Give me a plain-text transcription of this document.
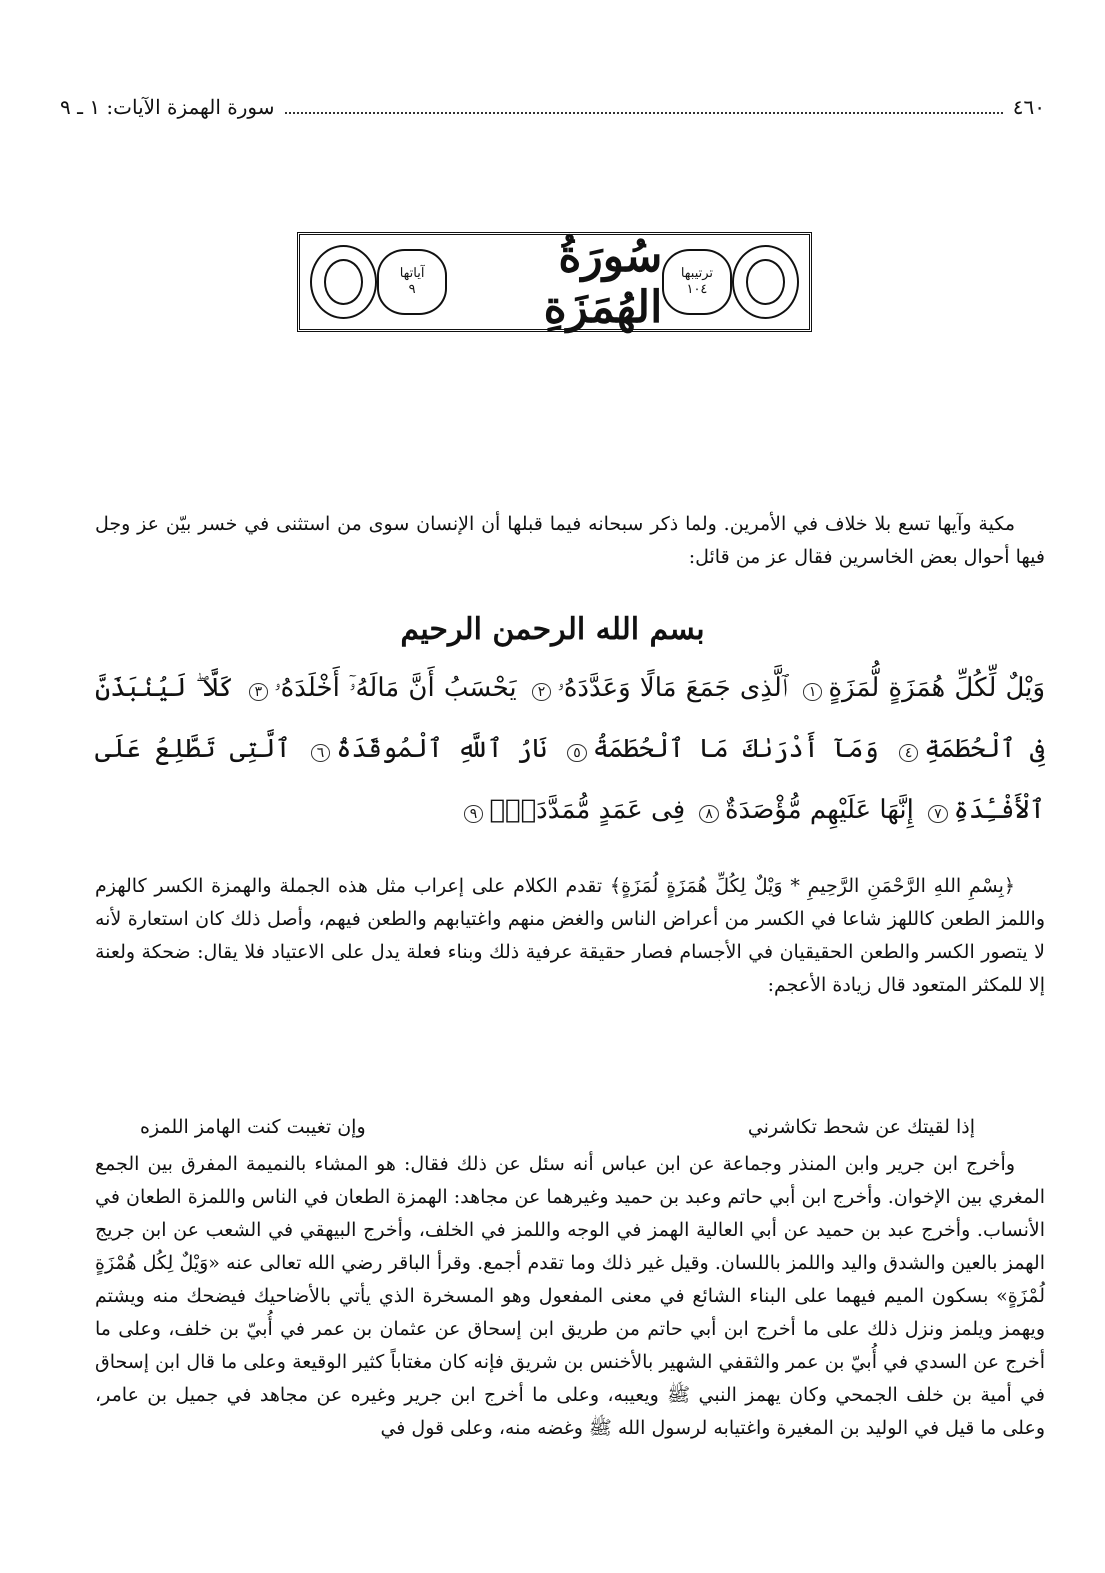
٤٦٠
سورة الهمزة الآيات: ١ ـ ٩
ترتيبها
١٠٤
سُورَةُ الهُمَزَةِ
آياتها
٩

مكية وآيها تسع بلا خلاف في الأمرين. ولما ذكر سبحانه فيما قبلها أن الإنسان سوى من استثنى في خسر بيّن عز وجل فيها أحوال بعض الخاسرين فقال عز من قائل:

بسم الله الرحمن الرحيم
وَيْلٌ لِّكُلِّ هُمَزَةٍ لُّمَزَةٍ١ ٱلَّذِى جَمَعَ مَالًا وَعَدَّدَهُۥ٢ يَحْسَبُ أَنَّ مَالَهُۥٓ أَخْلَدَهُۥ٣ كَلَّا ۖ لَيُنۢبَذَنَّ فِى ٱلْحُطَمَةِ٤ وَمَآ أَدْرَىٰكَ مَا ٱلْحُطَمَةُ٥ نَارُ ٱللَّهِ ٱلْمُوقَدَةُ٦ ٱلَّتِى تَطَّلِعُ عَلَى ٱلْأَفْـِٔدَةِ٧ إِنَّهَا عَلَيْهِم مُّؤْصَدَةٌ٨ فِى عَمَدٍ مُّمَدَّدَةٍۭ٩

﴿بِسْمِ اللهِ الرَّحْمَنِ الرَّحِيمِ * وَيْلٌ لِكُلِّ هُمَزَةٍ لُمَزَةٍ﴾ تقدم الكلام على إعراب مثل هذه الجملة والهمزة الكسر كالهزم واللمز الطعن كاللهز شاعا في الكسر من أعراض الناس والغض منهم واغتيابهم والطعن فيهم، وأصل ذلك كان استعارة لأنه لا يتصور الكسر والطعن الحقيقيان في الأجسام فصار حقيقة عرفية ذلك وبناء فعلة يدل على الاعتياد فلا يقال: ضحكة ولعنة إلا للمكثر المتعود قال زيادة الأعجم:

إذا لقيتك عن شحط تكاشرني
وإن تغيبت كنت الهامز اللمزه

وأخرج ابن جرير وابن المنذر وجماعة عن ابن عباس أنه سئل عن ذلك فقال: هو المشاء بالنميمة المفرق بين الجمع المغري بين الإخوان. وأخرج ابن أبي حاتم وعبد بن حميد وغيرهما عن مجاهد: الهمزة الطعان في الناس واللمزة الطعان في الأنساب. وأخرج عبد بن حميد عن أبي العالية الهمز في الوجه واللمز في الخلف، وأخرج البيهقي في الشعب عن ابن جريج الهمز بالعين والشدق واليد واللمز باللسان. وقيل غير ذلك وما تقدم أجمع. وقرأ الباقر رضي الله تعالى عنه «وَيْلٌ لِكُل هُمْزَةٍ لُمْزَةٍ» بسكون الميم فيهما على البناء الشائع في معنى المفعول وهو المسخرة الذي يأتي بالأضاحيك فيضحك منه ويشتم ويهمز ويلمز ونزل ذلك على ما أخرج ابن أبي حاتم من طريق ابن إسحاق عن عثمان بن عمر في أُبيّ بن خلف، وعلى ما أخرج عن السدي في أُبيّ بن عمر والثقفي الشهير بالأخنس بن شريق فإنه كان مغتاباً كثير الوقيعة وعلى ما قال ابن إسحاق في أمية بن خلف الجمحي وكان يهمز النبي ﷺ ويعيبه، وعلى ما أخرج ابن جرير وغيره عن مجاهد في جميل بن عامر، وعلى ما قيل في الوليد بن المغيرة واغتيابه لرسول الله ﷺ وغضه منه، وعلى قول في
